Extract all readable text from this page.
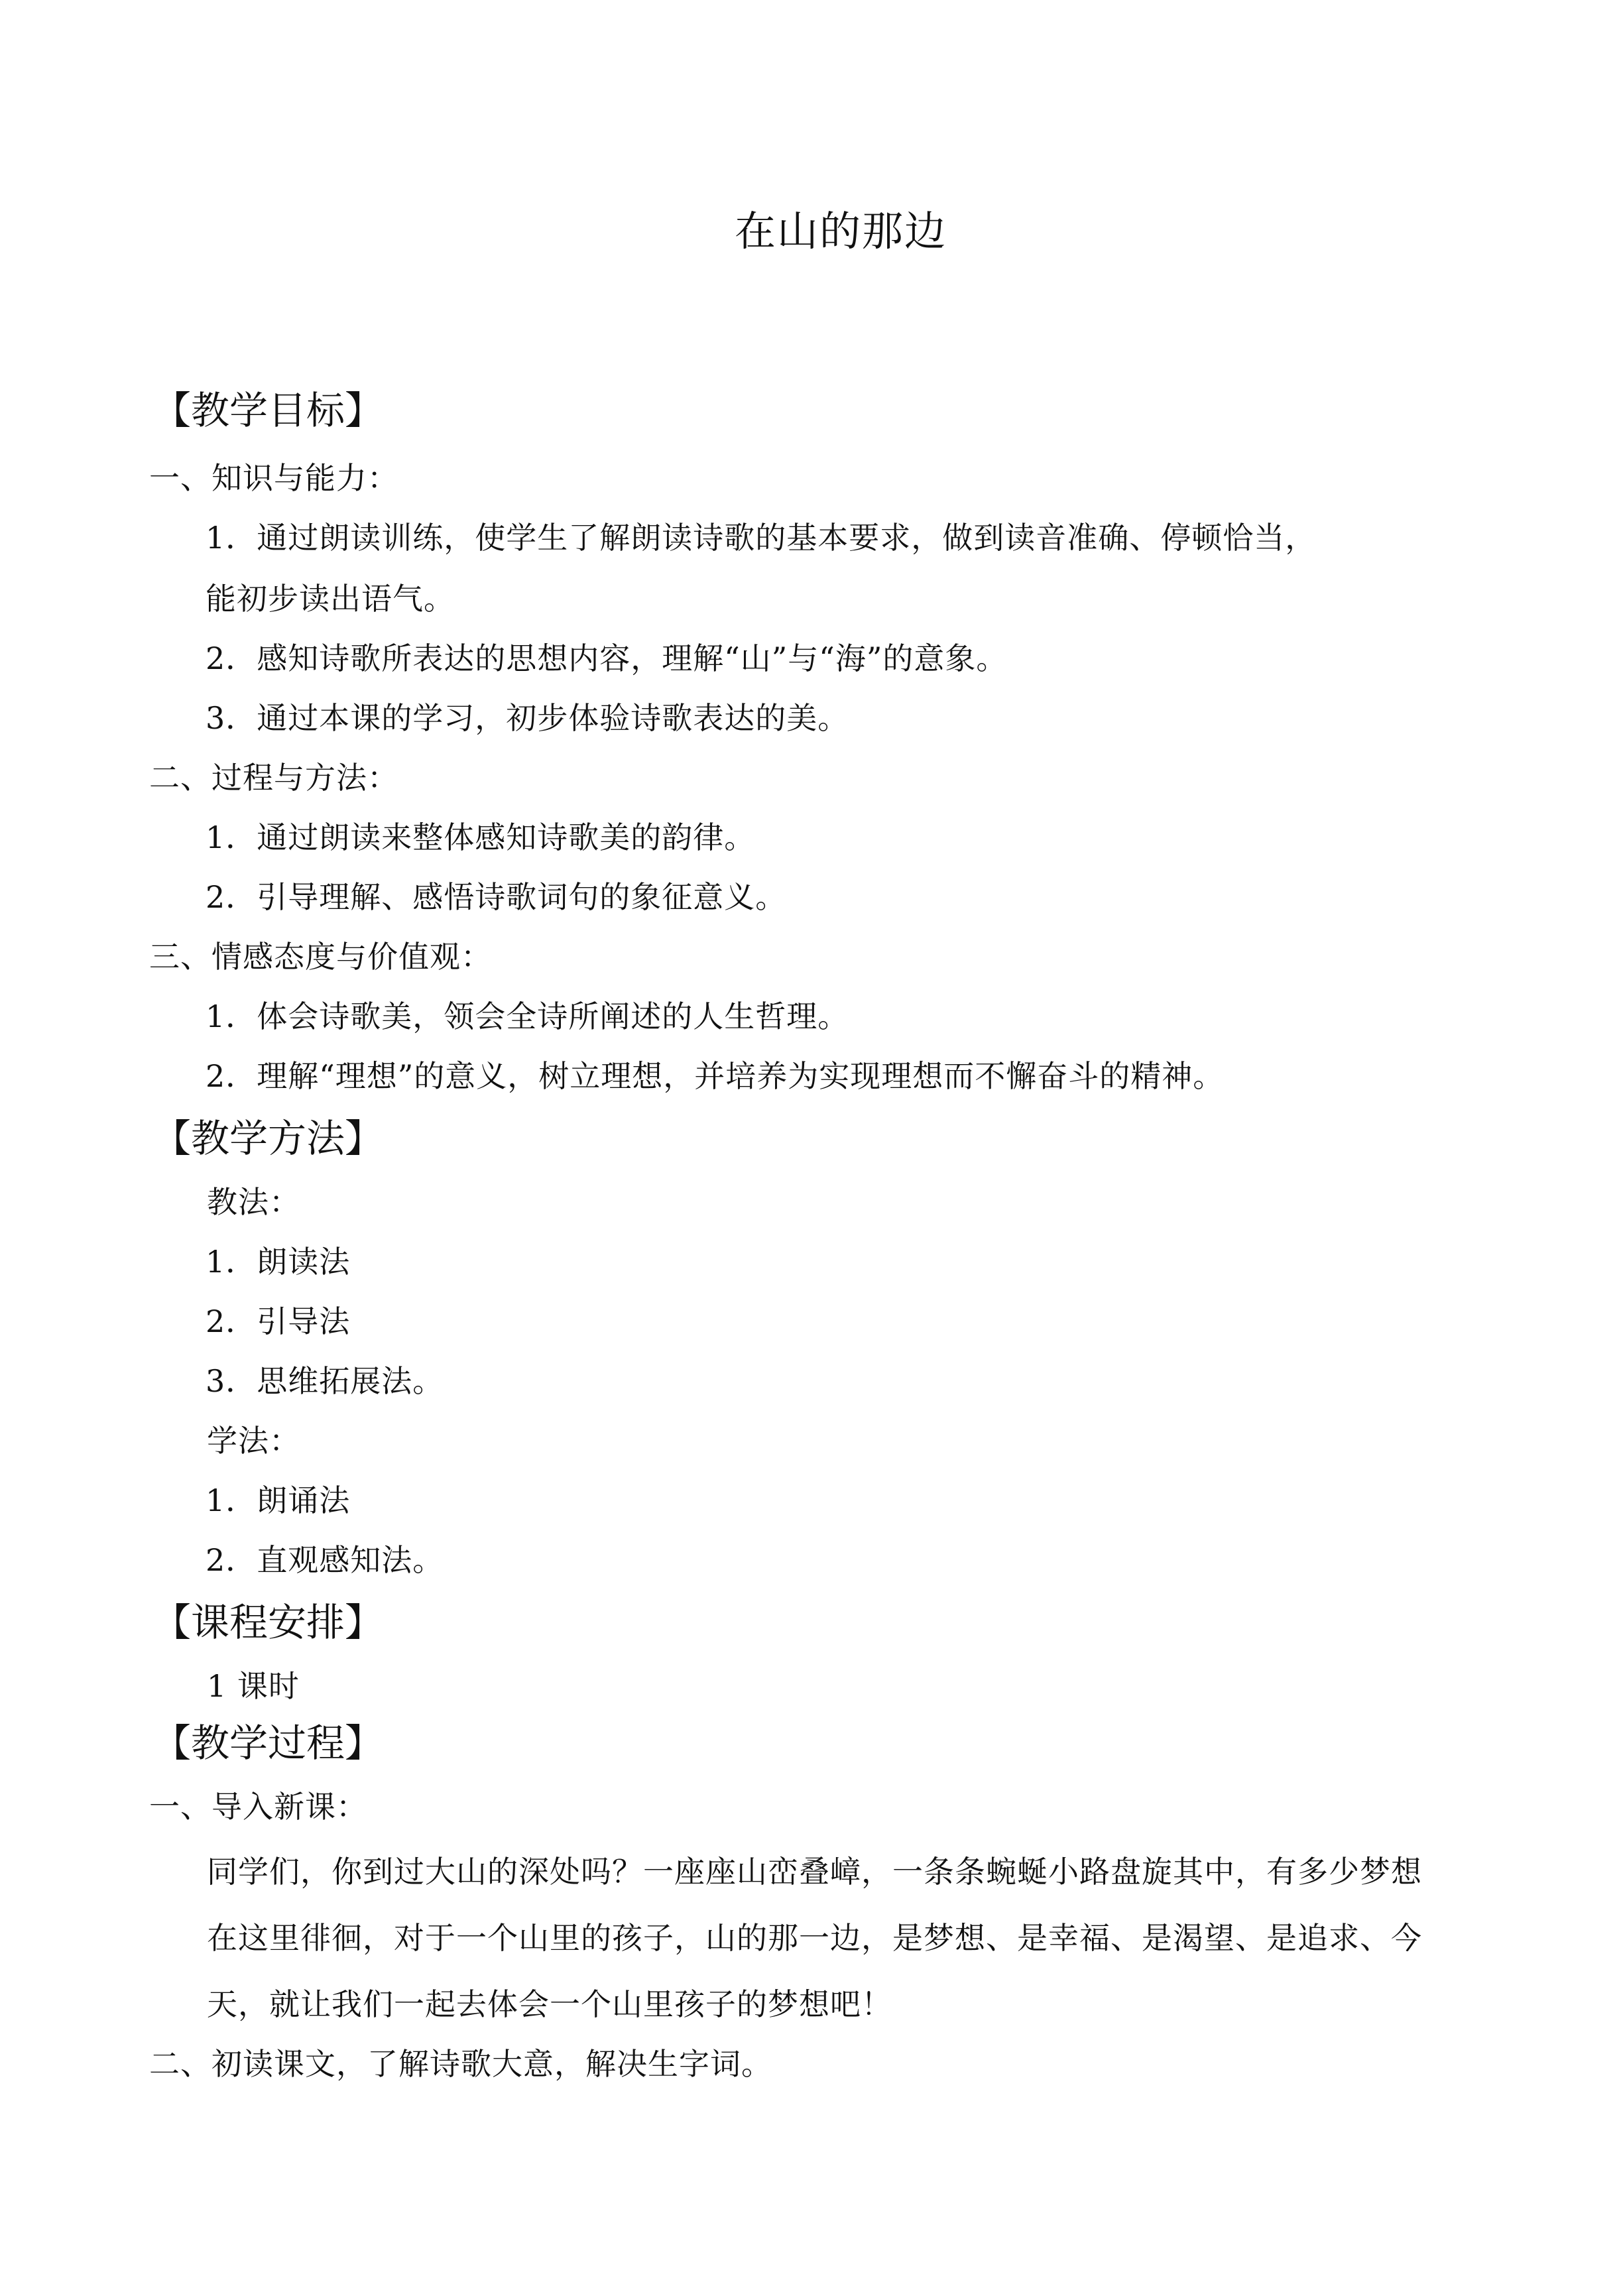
在山的那边
【教学目标】
一、知识与能力：
1．通过朗读训练，使学生了解朗读诗歌的基本要求，做到读音准确、停顿恰当，
能初步读出语气。
2．感知诗歌所表达的思想内容，理解“山”与“海”的意象。
3．通过本课的学习，初步体验诗歌表达的美。
二、过程与方法：
1．通过朗读来整体感知诗歌美的韵律。
2．引导理解、感悟诗歌词句的象征意义。
三、情感态度与价值观：
1．体会诗歌美，领会全诗所阐述的人生哲理。
2．理解“理想”的意义，树立理想，并培养为实现理想而不懈奋斗的精神。
【教学方法】
教法：
1．朗读法
2．引导法
3．思维拓展法。
学法：
1．朗诵法
2．直观感知法。
【课程安排】
1 课时
【教学过程】
一、导入新课：
同学们，你到过大山的深处吗？一座座山峦叠嶂，一条条蜿蜒小路盘旋其中，有多少梦想
在这里徘徊，对于一个山里的孩子，山的那一边，是梦想、是幸福、是渴望、是追求、今
天，就让我们一起去体会一个山里孩子的梦想吧！
二、初读课文，了解诗歌大意，解决生字词。
